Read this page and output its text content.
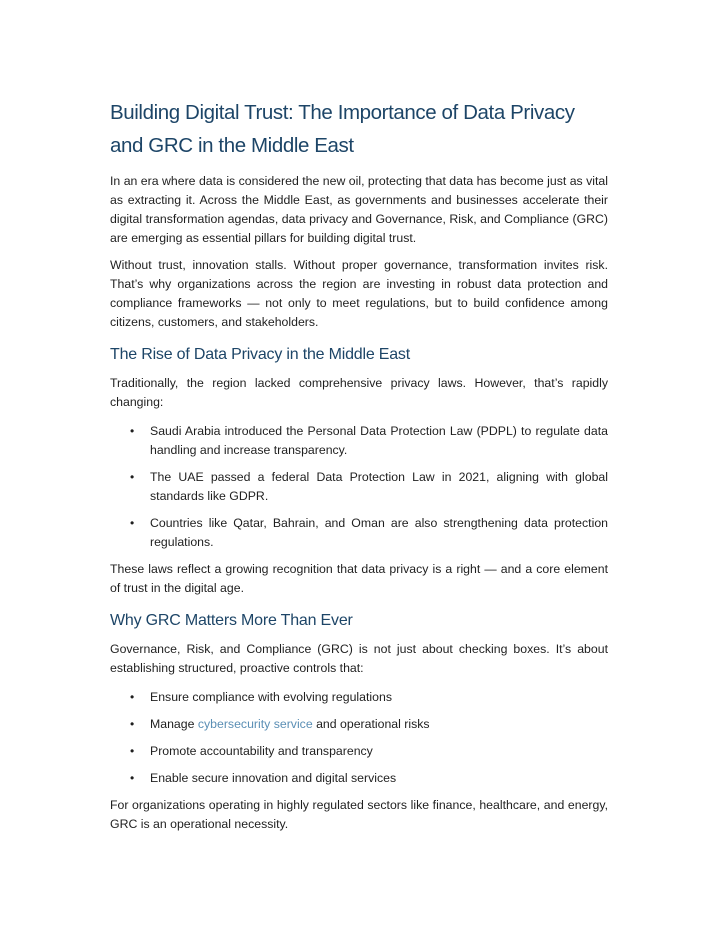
Building Digital Trust: The Importance of Data Privacy and GRC in the Middle East

In an era where data is considered the new oil, protecting that data has become just as vital as extracting it. Across the Middle East, as governments and businesses accelerate their digital transformation agendas, data privacy and Governance, Risk, and Compliance (GRC) are emerging as essential pillars for building digital trust.

Without trust, innovation stalls. Without proper governance, transformation invites risk. That’s why organizations across the region are investing in robust data protection and compliance frameworks — not only to meet regulations, but to build confidence among citizens, customers, and stakeholders.

The Rise of Data Privacy in the Middle East

Traditionally, the region lacked comprehensive privacy laws. However, that’s rapidly changing:

• Saudi Arabia introduced the Personal Data Protection Law (PDPL) to regulate data handling and increase transparency.
• The UAE passed a federal Data Protection Law in 2021, aligning with global standards like GDPR.
• Countries like Qatar, Bahrain, and Oman are also strengthening data protection regulations.

These laws reflect a growing recognition that data privacy is a right — and a core element of trust in the digital age.

Why GRC Matters More Than Ever

Governance, Risk, and Compliance (GRC) is not just about checking boxes. It’s about establishing structured, proactive controls that:

• Ensure compliance with evolving regulations
• Manage cybersecurity service and operational risks
• Promote accountability and transparency
• Enable secure innovation and digital services

For organizations operating in highly regulated sectors like finance, healthcare, and energy, GRC is an operational necessity.
